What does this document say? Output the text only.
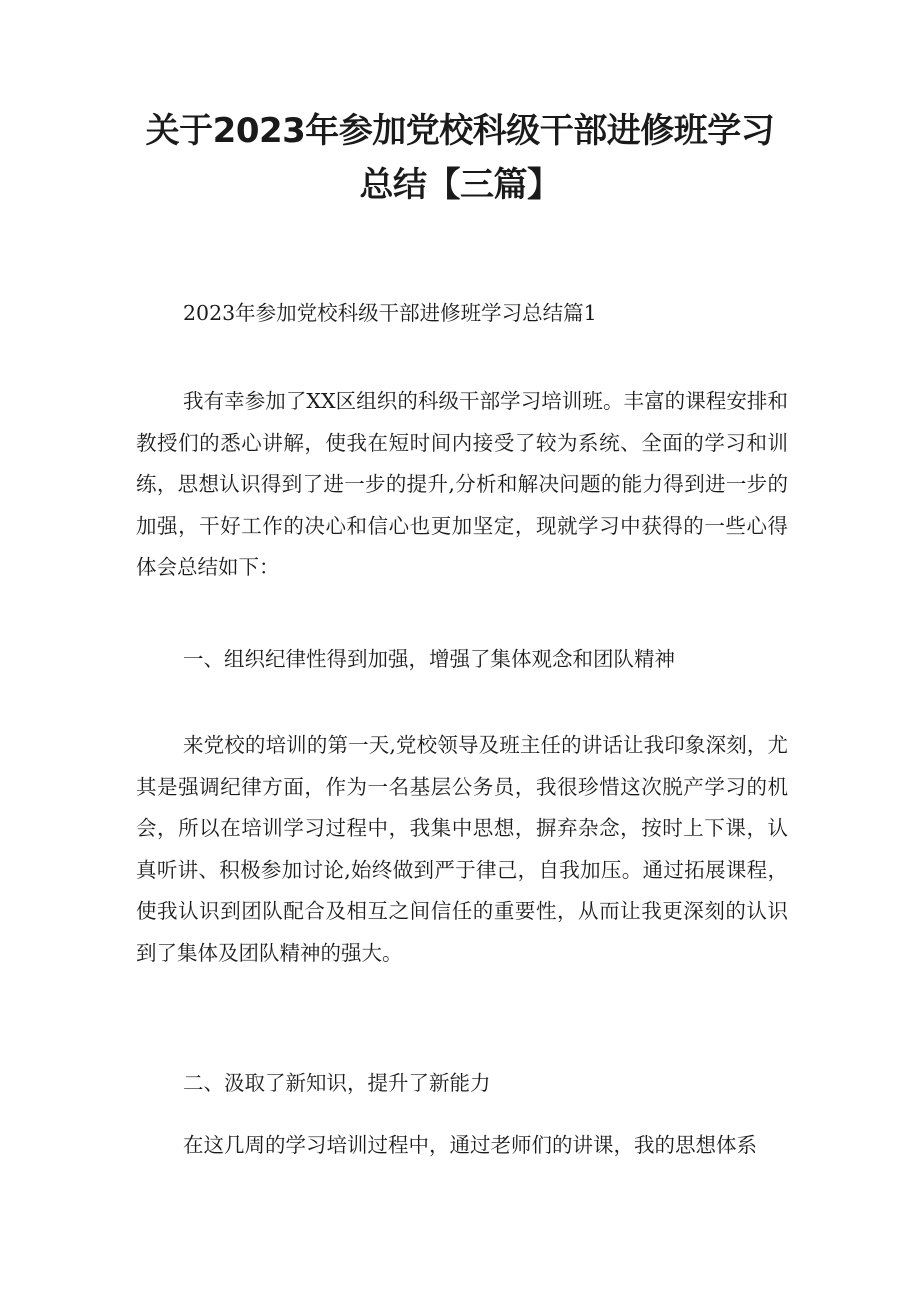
关于2023年参加党校科级干部进修班学习
总结【三篇】
2023年参加党校科级干部进修班学习总结篇1

我有幸参加了XX区组织的科级干部学习培训班。丰富的课程安排和教授们的悉心讲解，使我在短时间内接受了较为系统、全面的学习和训练，思想认识得到了进一步的提升,分析和解决问题的能力得到进一步的加强，干好工作的决心和信心也更加坚定，现就学习中获得的一些心得体会总结如下：

一、组织纪律性得到加强，增强了集体观念和团队精神

来党校的培训的第一天,党校领导及班主任的讲话让我印象深刻，尤其是强调纪律方面，作为一名基层公务员，我很珍惜这次脱产学习的机会，所以在培训学习过程中，我集中思想，摒弃杂念，按时上下课，认真听讲、积极参加讨论,始终做到严于律己，自我加压。通过拓展课程，使我认识到团队配合及相互之间信任的重要性，从而让我更深刻的认识到了集体及团队精神的强大。

二、汲取了新知识，提升了新能力

在这几周的学习培训过程中，通过老师们的讲课，我的思想体系
